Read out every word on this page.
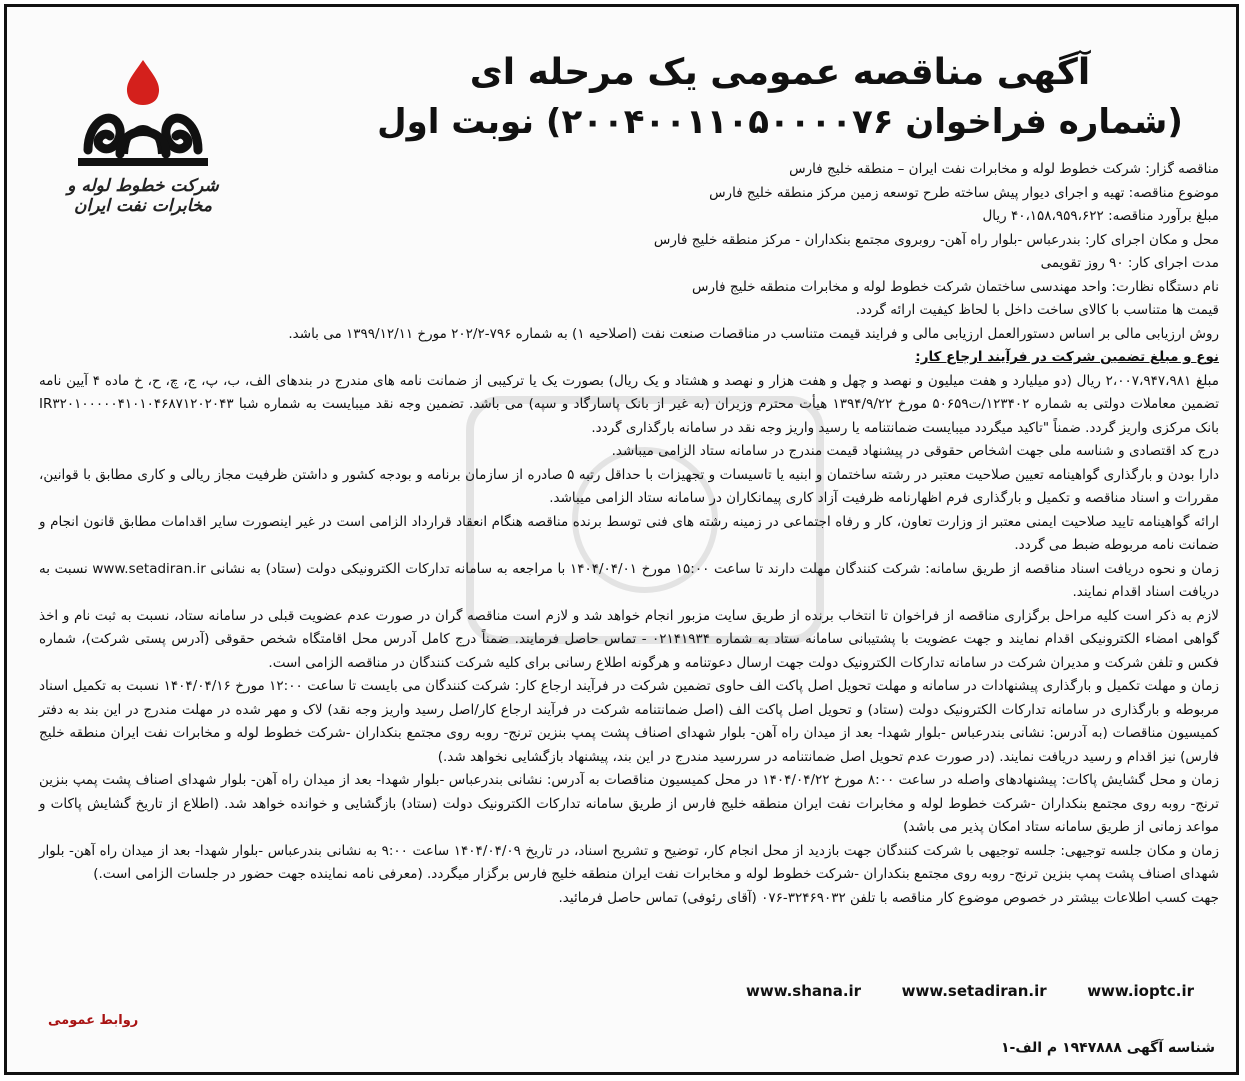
شرکت خطوط لوله و مخابرات نفت ایران
آگهی مناقصه عمومی یک مرحله ای
(شماره فراخوان ۲۰۰۴۰۰۱۱۰۵۰۰۰۰۷۶) نوبت اول

مناقصه گزار: شرکت خطوط لوله و مخابرات نفت ایران – منطقه خلیج فارس

موضوع مناقصه: تهیه و اجرای دیوار پیش ساخته طرح توسعه زمین مرکز منطقه خلیج فارس

مبلغ برآورد مناقصه: ۴۰،۱۵۸،۹۵۹،۶۲۲ ریال

محل و مکان اجرای کار: بندرعباس -بلوار راه آهن- روبروی مجتمع بنکداران - مرکز منطقه خلیج فارس

مدت اجرای کار: ۹۰ روز تقویمی

نام دستگاه نظارت: واحد مهندسی ساختمان شرکت خطوط لوله و مخابرات منطقه خلیج فارس

قیمت ها متناسب با کالای ساخت داخل با لحاظ کیفیت ارائه گردد.

روش ارزیابی مالی بر اساس دستورالعمل ارزیابی مالی و فرایند قیمت متناسب در مناقصات صنعت نفت (اصلاحیه ۱) به شماره ۷۹۶-۲۰۲/۲ مورخ ۱۳۹۹/۱۲/۱۱ می باشد.

نوع و مبلغ تضمین شرکت در فرآیند ارجاع کار:

مبلغ ۲،۰۰۷،۹۴۷،۹۸۱ ریال (دو میلیارد و هفت میلیون و نهصد و چهل و هفت هزار و نهصد و هشتاد و یک ریال) بصورت یک یا ترکیبی از ضمانت نامه های مندرج در بندهای الف، ب، پ، ج، چ، ح، خ ماده ۴ آیین نامه تضمین معاملات دولتی به شماره ۱۲۳۴۰۲/ت۵۰۶۵۹ مورخ ۱۳۹۴/۹/۲۲ هیأت محترم وزیران (به غیر از بانک پاسارگاد و سپه) می باشد. تضمین وجه نقد میبایست به شماره شبا IR۳۲۰۱۰۰۰۰۰۴۱۰۱۰۴۶۸۷۱۲۰۲۰۴۳ بانک مرکزی واریز گردد. ضمناً "تاکید میگردد میبایست ضمانتنامه یا رسید واریز وجه نقد در سامانه بارگذاری گردد.

درج کد اقتصادی و شناسه ملی جهت اشخاص حقوقی در پیشنهاد قیمت مندرج در سامانه ستاد الزامی میباشد.

دارا بودن و بارگذاری گواهینامه تعیین صلاحیت معتبر در رشته ساختمان و ابنیه یا تاسیسات و تجهیزات با حداقل رتبه ۵ صادره از سازمان برنامه و بودجه کشور و داشتن ظرفیت مجاز ریالی و کاری مطابق با قوانین، مقررات و اسناد مناقصه و تکمیل و بارگذاری فرم اظهارنامه ظرفیت آزاد کاری پیمانکاران در سامانه ستاد الزامی میباشد.

ارائه گواهینامه تایید صلاحیت ایمنی معتبر از وزارت تعاون، کار و رفاه اجتماعی در زمینه رشته های فنی توسط برنده مناقصه هنگام انعقاد قرارداد الزامی است در غیر اینصورت سایر اقدامات مطابق قانون انجام و ضمانت نامه مربوطه ضبط می گردد.

زمان و نحوه دریافت اسناد مناقصه از طریق سامانه: شرکت کنندگان مهلت دارند تا ساعت ۱۵:۰۰ مورخ ۱۴۰۴/۰۴/۰۱ با مراجعه به سامانه تدارکات الکترونیکی دولت (ستاد) به نشانی www.setadiran.ir نسبت به دریافت اسناد اقدام نمایند.

لازم به ذکر است کلیه مراحل برگزاری مناقصه از فراخوان تا انتخاب برنده از طریق سایت مزبور انجام خواهد شد و لازم است مناقصه گران در صورت عدم عضویت قبلی در سامانه ستاد، نسبت به ثبت نام و اخذ گواهی امضاء الکترونیکی اقدام نمایند و جهت عضویت با پشتیبانی سامانه ستاد به شماره ۰۲۱۴۱۹۳۴ - تماس حاصل فرمایند. ضمناً درج کامل آدرس محل اقامتگاه شخص حقوقی (آدرس پستی شرکت)، شماره فکس و تلفن شرکت و مدیران شرکت در سامانه تدارکات الکترونیک دولت جهت ارسال دعوتنامه و هرگونه اطلاع رسانی برای کلیه شرکت کنندگان در مناقصه الزامی است.

زمان و مهلت تکمیل و بارگذاری پیشنهادات در سامانه و مهلت تحویل اصل پاکت الف حاوی تضمین شرکت در فرآیند ارجاع کار: شرکت کنندگان می بایست تا ساعت ۱۲:۰۰ مورخ ۱۴۰۴/۰۴/۱۶ نسبت به تکمیل اسناد مربوطه و بارگذاری در سامانه تدارکات الکترونیک دولت (ستاد) و تحویل اصل پاکت الف (اصل ضمانتنامه شرکت در فرآیند ارجاع کار/اصل رسید واریز وجه نقد) لاک و مهر شده در مهلت مندرج در این بند به دفتر کمیسیون مناقصات (به آدرس: نشانی بندرعباس -بلوار شهدا- بعد از میدان راه آهن- بلوار شهدای اصناف پشت پمپ بنزین ترنج- روبه روی مجتمع بنکداران -شرکت خطوط لوله و مخابرات نفت ایران منطقه خلیج فارس) نیز اقدام و رسید دریافت نمایند. (در صورت عدم تحویل اصل ضمانتنامه در سررسید مندرج در این بند، پیشنهاد بازگشایی نخواهد شد.)

زمان و محل گشایش پاکات: پیشنهادهای واصله در ساعت ۸:۰۰ مورخ ۱۴۰۴/۰۴/۲۲ در محل کمیسیون مناقصات به آدرس: نشانی بندرعباس -بلوار شهدا- بعد از میدان راه آهن- بلوار شهدای اصناف پشت پمپ بنزین ترنج- روبه روی مجتمع بنکداران -شرکت خطوط لوله و مخابرات نفت ایران منطقه خلیج فارس از طریق سامانه تدارکات الکترونیک دولت (ستاد) بازگشایی و خوانده خواهد شد. (اطلاع از تاریخ گشایش پاکات و مواعد زمانی از طریق سامانه ستاد امکان پذیر می باشد)

زمان و مکان جلسه توجیهی: جلسه توجیهی با شرکت کنندگان جهت بازدید از محل انجام کار، توضیح و تشریح اسناد، در تاریخ ۱۴۰۴/۰۴/۰۹ ساعت ۹:۰۰ به نشانی بندرعباس -بلوار شهدا- بعد از میدان راه آهن- بلوار شهدای اصناف پشت پمپ بنزین ترنج- روبه روی مجتمع بنکداران -شرکت خطوط لوله و مخابرات نفت ایران منطقه خلیج فارس برگزار میگردد. (معرفی نامه نماینده جهت حضور در جلسات الزامی است.)

جهت کسب اطلاعات بیشتر در خصوص موضوع کار مناقصه با تلفن ۳۲۴۶۹۰۳۲-۰۷۶ (آقای رئوفی) تماس حاصل فرمائید.

www.shana.ir	www.setadiran.ir	www.ioptc.ir
روابط عمومی
شناسه آگهی ۱۹۴۷۸۸۸ م الف-۱
